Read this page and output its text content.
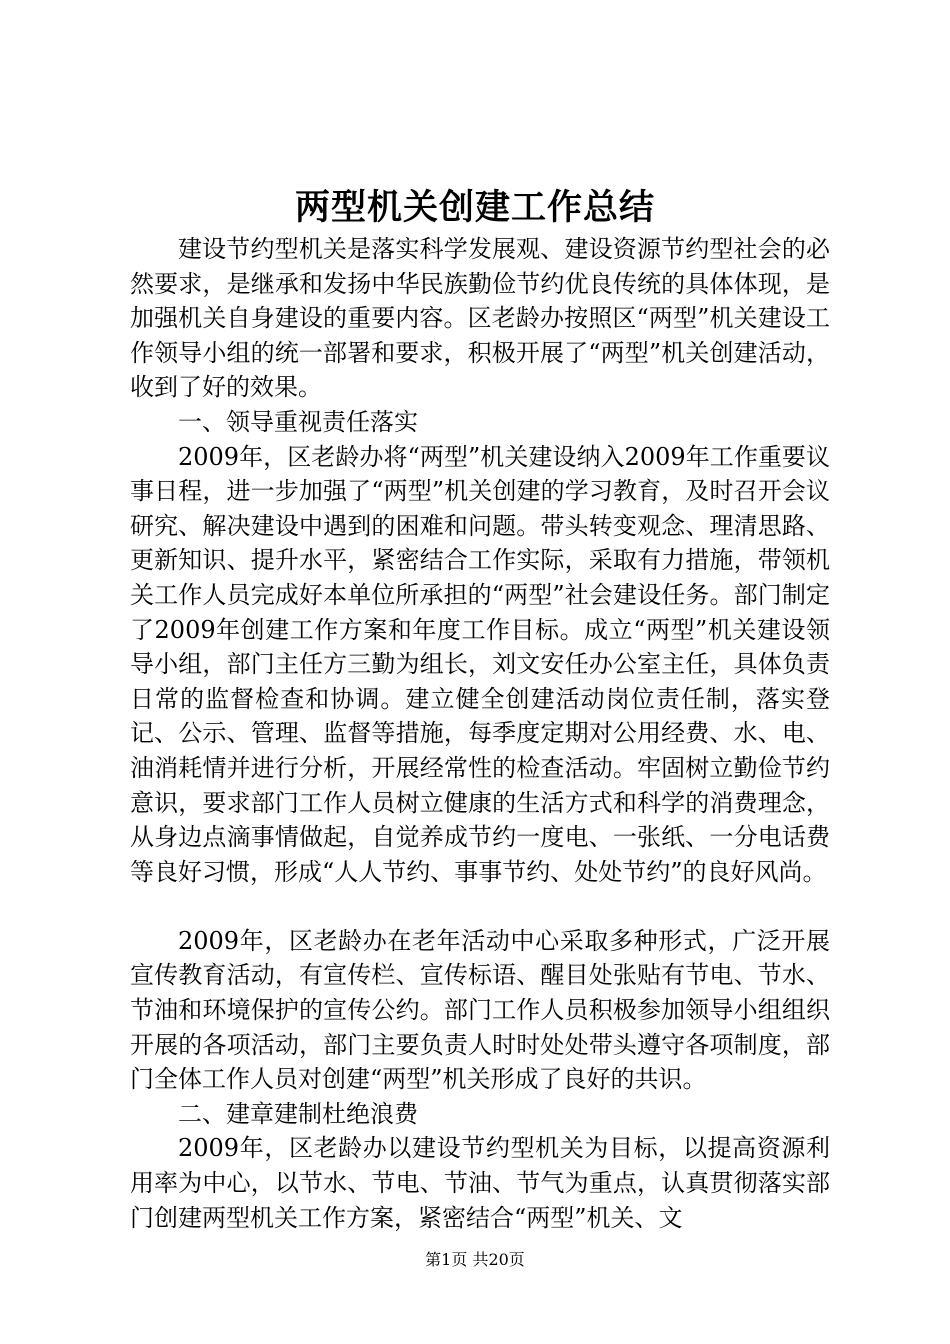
两型机关创建工作总结

建设节约型机关是落实科学发展观、建设资源节约型社会的必然要求，是继承和发扬中华民族勤俭节约优良传统的具体体现，是加强机关自身建设的重要内容。区老龄办按照区“两型”机关建设工作领导小组的统一部署和要求，积极开展了“两型”机关创建活动，收到了好的效果。

一、领导重视责任落实

2009年，区老龄办将“两型”机关建设纳入2009年工作重要议事日程，进一步加强了“两型”机关创建的学习教育，及时召开会议研究、解决建设中遇到的困难和问题。带头转变观念、理清思路、更新知识、提升水平，紧密结合工作实际，采取有力措施，带领机关工作人员完成好本单位所承担的“两型”社会建设任务。部门制定了2009年创建工作方案和年度工作目标。成立“两型”机关建设领导小组，部门主任方三勤为组长，刘文安任办公室主任，具体负责日常的监督检查和协调。建立健全创建活动岗位责任制，落实登记、公示、管理、监督等措施，每季度定期对公用经费、水、电、油消耗情并进行分析，开展经常性的检查活动。牢固树立勤俭节约意识，要求部门工作人员树立健康的生活方式和科学的消费理念，从身边点滴事情做起，自觉养成节约一度电、一张纸、一分电话费等良好习惯，形成“人人节约、事事节约、处处节约”的良好风尚。

2009年，区老龄办在老年活动中心采取多种形式，广泛开展宣传教育活动，有宣传栏、宣传标语、醒目处张贴有节电、节水、节油和环境保护的宣传公约。部门工作人员积极参加领导小组组织开展的各项活动，部门主要负责人时时处处带头遵守各项制度，部门全体工作人员对创建“两型”机关形成了良好的共识。

二、建章建制杜绝浪费

2009年，区老龄办以建设节约型机关为目标，以提高资源利用率为中心，以节水、节电、节油、节气为重点，认真贯彻落实部门创建两型机关工作方案，紧密结合“两型”机关、文

第1页 共20页
